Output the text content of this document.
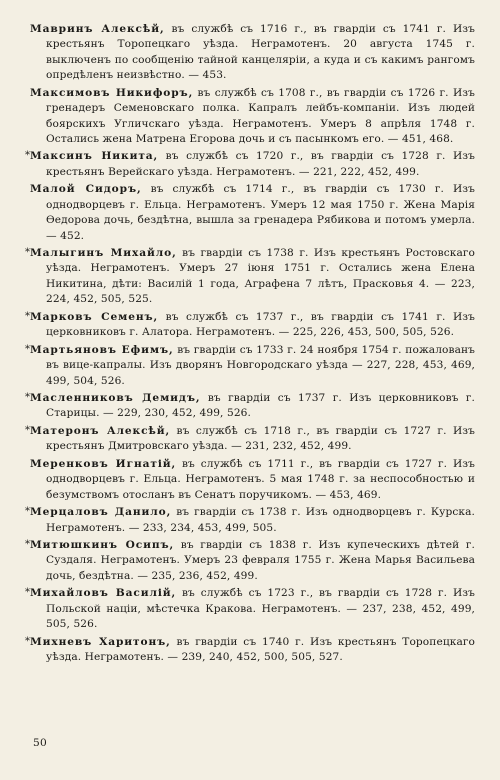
Мавринъ Алексѣй, въ службѣ съ 1716 г., въ гвардіи съ 1741 г. Изъ крестьянъ Торопецкаго уѣзда. Неграмотенъ. 20 августа 1745 г. выключенъ по сообщенію тайной канцеляріи, а куда и съ какимъ рангомъ опредѣленъ неизвѣстно. — 453.

Максимовъ Никифоръ, въ службѣ съ 1708 г., въ гвардіи съ 1726 г. Изъ гренадеръ Семеновскаго полка. Капралъ лейбъ-компаніи. Изъ людей боярскихъ Угличскаго уѣзда. Неграмотенъ. Умеръ 8 апрѣля 1748 г. Остались жена Матрена Егорова дочь и съ пасынкомъ его. — 451, 468.

* Максинъ Никита, въ службѣ съ 1720 г., въ гвардіи съ 1728 г. Изъ крестьянъ Верейскаго уѣзда. Неграмотенъ. — 221, 222, 452, 499.

Малой Сидоръ, въ службѣ съ 1714 г., въ гвардіи съ 1730 г. Изъ однодворцевъ г. Ельца. Неграмотенъ. Умеръ 12 мая 1750 г. Жена Марія Өедорова дочь, бездѣтна, вышла за гренадера Рябикова и потомъ умерла. — 452.

* Малыгинъ Михайло, въ гвардіи съ 1738 г. Изъ крестьянъ Ростовскаго уѣзда. Неграмотенъ. Умеръ 27 іюня 1751 г. Остались жена Елена Никитина, дѣти: Василій 1 года, Аграфена 7 лѣтъ, Прасковья 4. — 223, 224, 452, 505, 525.

* Марковъ Семенъ, въ службѣ съ 1737 г., въ гвардіи съ 1741 г. Изъ церковниковъ г. Алатора. Неграмотенъ. — 225, 226, 453, 500, 505, 526.

* Мартьяновъ Ефимъ, въ гвардіи съ 1733 г. 24 ноября 1754 г. пожалованъ въ вице-капралы. Изъ дворянъ Новгородскаго уѣзда — 227, 228, 453, 469, 499, 504, 526.

* Масленниковъ Демидъ, въ гвардіи съ 1737 г. Изъ церковниковъ г. Старицы. — 229, 230, 452, 499, 526.

* Матеронъ Алексѣй, въ службѣ съ 1718 г., въ гвардіи съ 1727 г. Изъ крестьянъ Дмитровскаго уѣзда. — 231, 232, 452, 499.

Меренковъ Игнатій, въ службѣ съ 1711 г., въ гвардіи съ 1727 г. Изъ однодворцевъ г. Ельца. Неграмотенъ. 5 мая 1748 г. за неспособностью и безумствомъ отосланъ въ Сенатъ поручикомъ. — 453, 469.

* Мерцаловъ Данило, въ гвардіи съ 1738 г. Изъ однодворцевъ г. Курска. Неграмотенъ. — 233, 234, 453, 499, 505.

* Митюшкинъ Осипъ, въ гвардіи съ 1838 г. Изъ купеческихъ дѣтей г. Суздаля. Неграмотенъ. Умеръ 23 февраля 1755 г. Жена Марья Васильева дочь, бездѣтна. — 235, 236, 452, 499.

* Михайловъ Василій, въ службѣ съ 1723 г., въ гвардіи съ 1728 г. Изъ Польской націи, мѣстечка Кракова. Неграмотенъ. — 237, 238, 452, 499, 505, 526.

* Михневъ Харитонъ, въ гвардіи съ 1740 г. Изъ крестьянъ Торопецкаго уѣзда. Неграмотенъ. — 239, 240, 452, 500, 505, 527.

50
